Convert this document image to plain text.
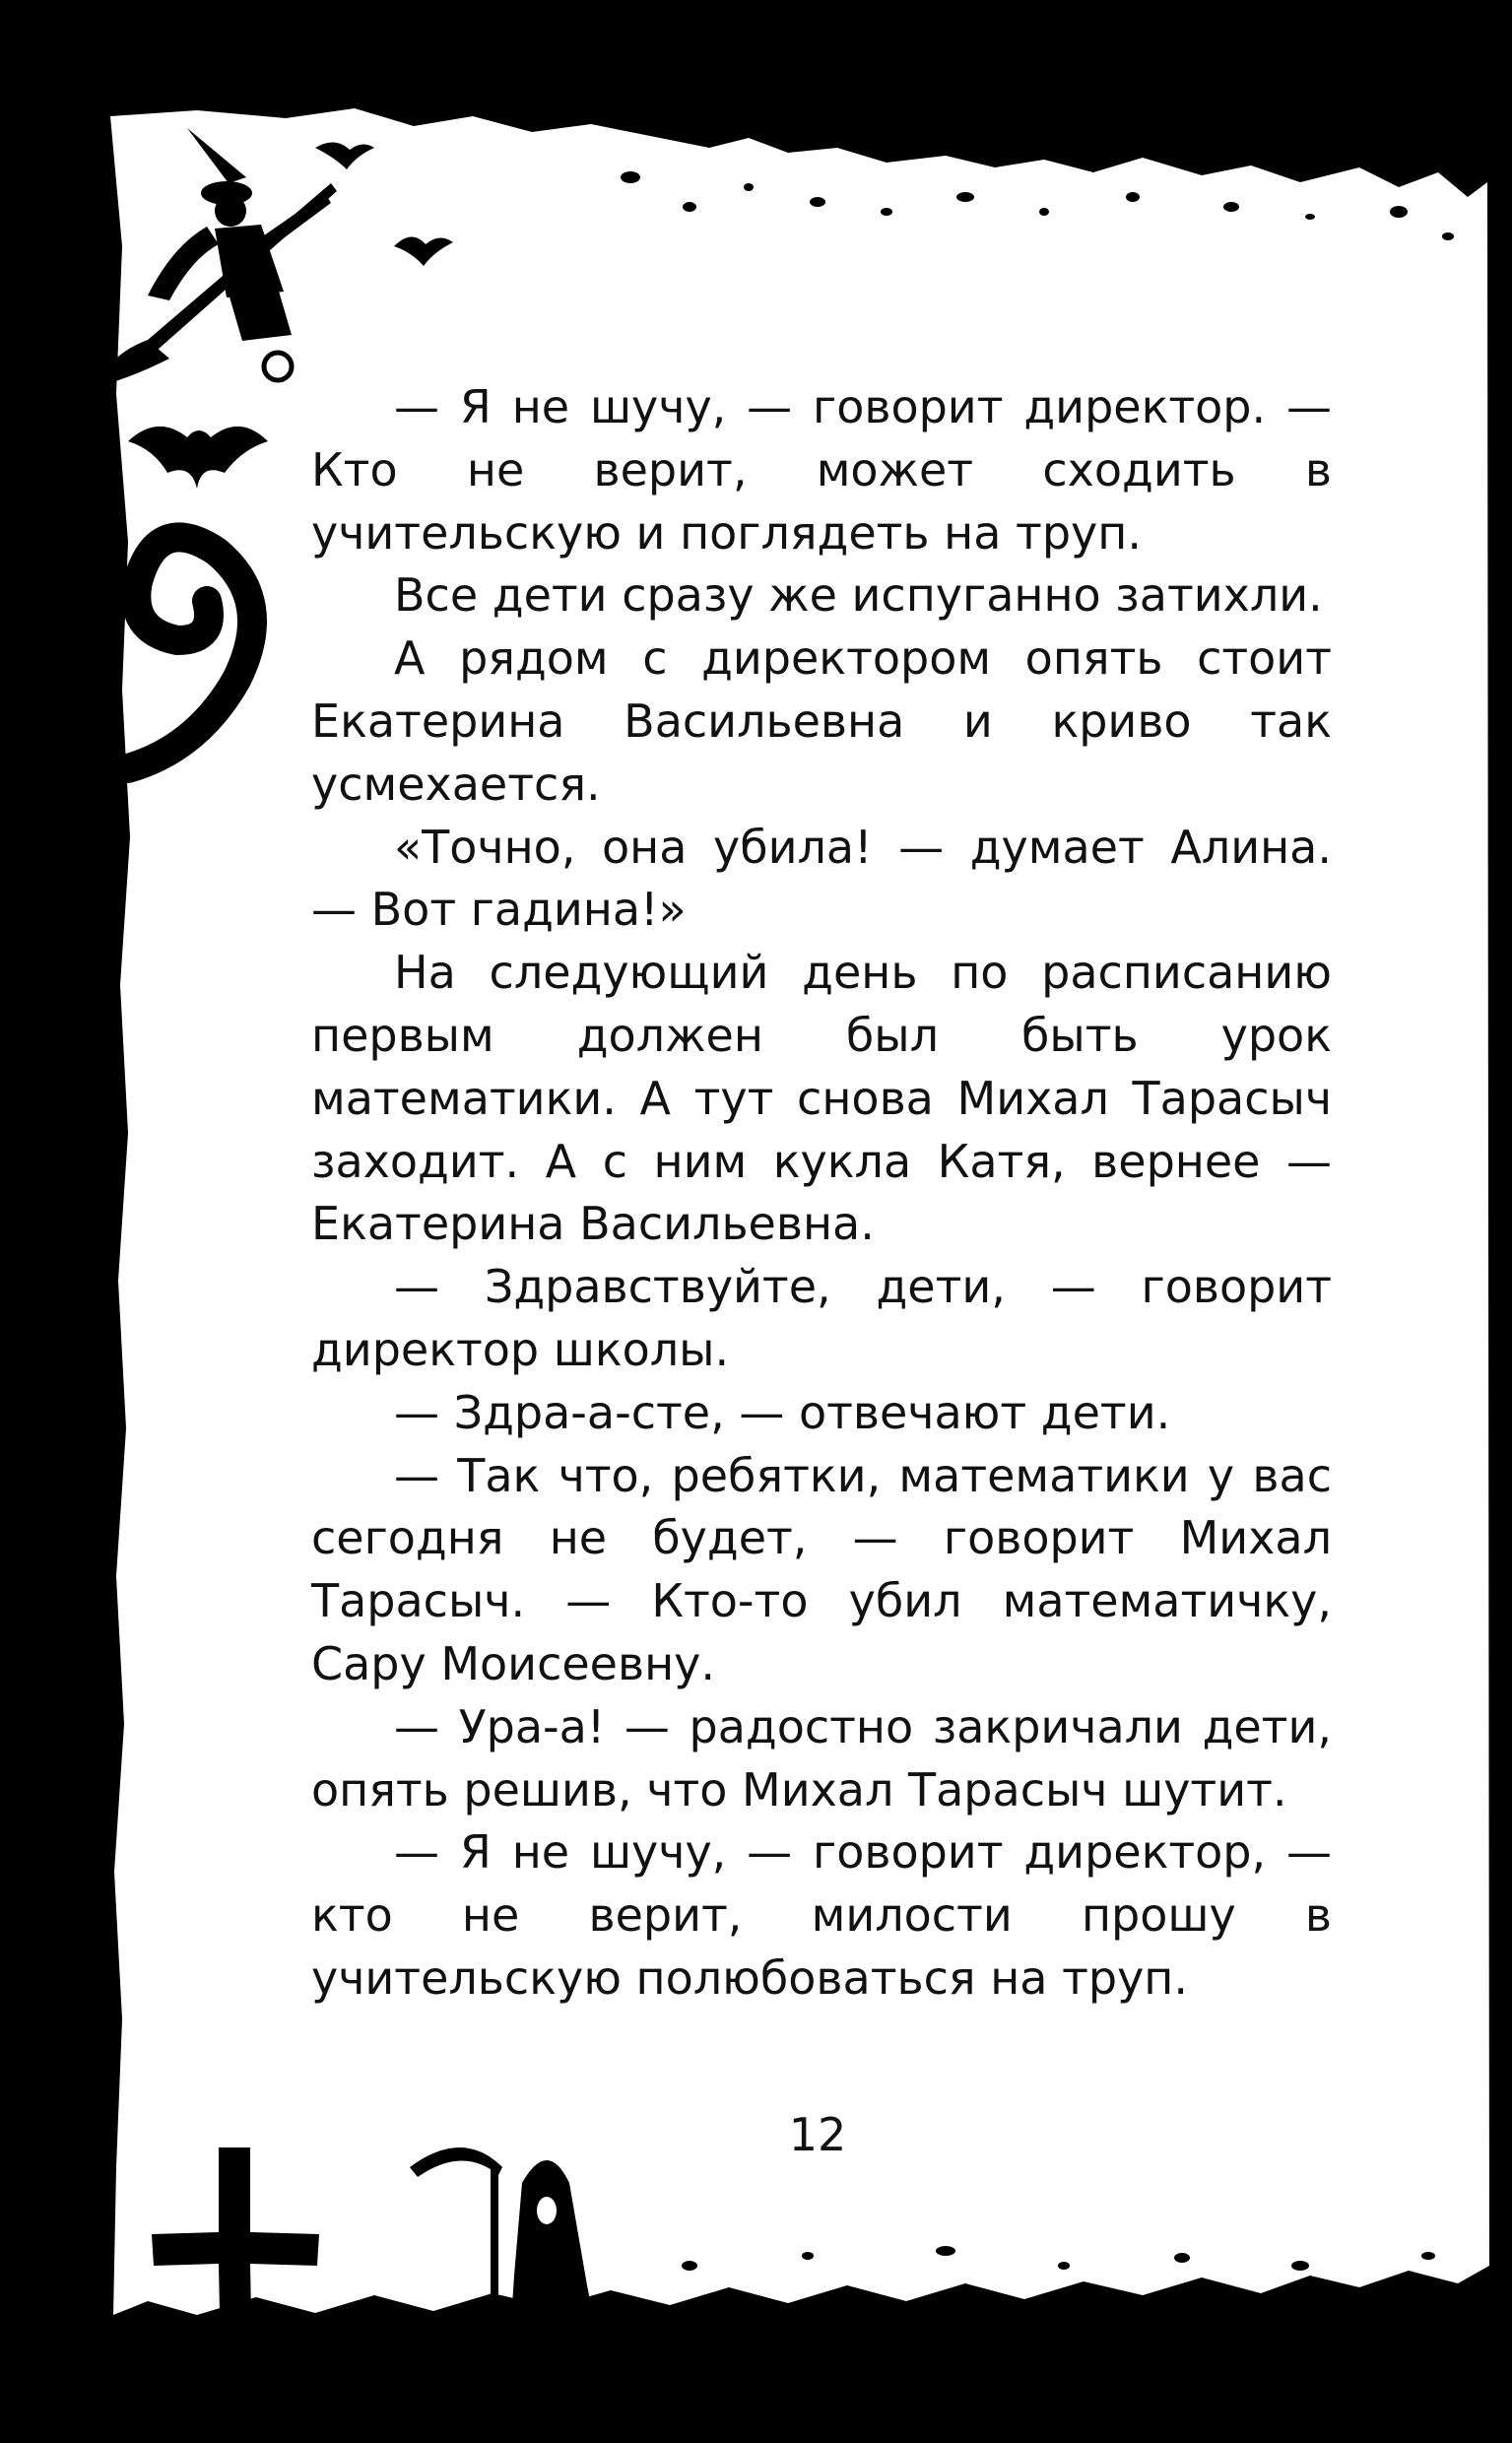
— Я не шучу, — говорит директор. — Кто не верит, может сходить в учительскую и поглядеть на труп.

Все дети сразу же испуганно затихли.

А рядом с директором опять стоит Екатерина Васильевна и криво так усмехается.

«Точно, она убила! — думает Алина. — Вот гадина!»

На следующий день по расписанию первым должен был быть урок математики. А тут снова Михал Тарасыч заходит. А с ним кукла Катя, вернее — Екатерина Васильевна.

— Здравствуйте, дети, — говорит директор школы.

— Здра-а-сте, — отвечают дети.

— Так что, ребятки, математики у вас сегодня не будет, — говорит Михал Тарасыч. — Кто-то убил математичку, Сару Моисеевну.

— Ура-а! — радостно закричали дети, опять решив, что Михал Тарасыч шутит.

— Я не шучу, — говорит директор, — кто не верит, милости прошу в учительскую полюбоваться на труп.

12
